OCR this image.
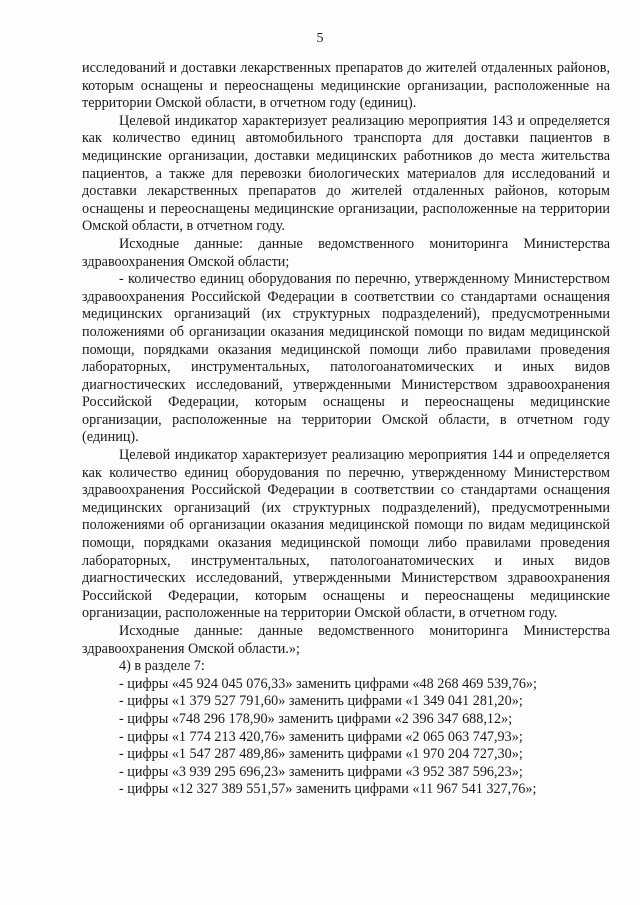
5

исследований и доставки лекарственных препаратов до жителей отдаленных районов, которым оснащены и переоснащены медицинские организации, расположенные на территории Омской области, в отчетном году (единиц).

Целевой индикатор характеризует реализацию мероприятия 143 и определяется как количество единиц автомобильного транспорта для доставки пациентов в медицинские организации, доставки медицинских работников до места жительства пациентов, а также для перевозки биологических материалов для исследований и доставки лекарственных препаратов до жителей отдаленных районов, которым оснащены и переоснащены медицинские организации, расположенные на территории Омской области, в отчетном году.

Исходные данные: данные ведомственного мониторинга Министерства здравоохранения Омской области;

- количество единиц оборудования по перечню, утвержденному Министерством здравоохранения Российской Федерации в соответствии со стандартами оснащения медицинских организаций (их структурных подразделений), предусмотренными положениями об организации оказания медицинской помощи по видам медицинской помощи, порядками оказания медицинской помощи либо правилами проведения лабораторных, инструментальных, патологоанатомических и иных видов диагностических исследований, утвержденными Министерством здравоохранения Российской Федерации, которым оснащены и переоснащены медицинские организации, расположенные на территории Омской области, в отчетном году (единиц).

Целевой индикатор характеризует реализацию мероприятия 144 и определяется как количество единиц оборудования по перечню, утвержденному Министерством здравоохранения Российской Федерации в соответствии со стандартами оснащения медицинских организаций (их структурных подразделений), предусмотренными положениями об организации оказания медицинской помощи по видам медицинской помощи, порядками оказания медицинской помощи либо правилами проведения лабораторных, инструментальных, патологоанатомических и иных видов диагностических исследований, утвержденными Министерством здравоохранения Российской Федерации, которым оснащены и переоснащены медицинские организации, расположенные на территории Омской области, в отчетном году.

Исходные данные: данные ведомственного мониторинга Министерства здравоохранения Омской области.»;

4) в разделе 7:

- цифры «45 924 045 076,33» заменить цифрами «48 268 469 539,76»;

- цифры «1 379 527 791,60» заменить цифрами «1 349 041 281,20»;

- цифры «748 296 178,90» заменить цифрами «2 396 347 688,12»;

- цифры «1 774 213 420,76» заменить цифрами «2 065 063 747,93»;

- цифры «1 547 287 489,86» заменить цифрами «1 970 204 727,30»;

- цифры «3 939 295 696,23» заменить цифрами «3 952 387 596,23»;

- цифры «12 327 389 551,57» заменить цифрами «11 967 541 327,76»;
